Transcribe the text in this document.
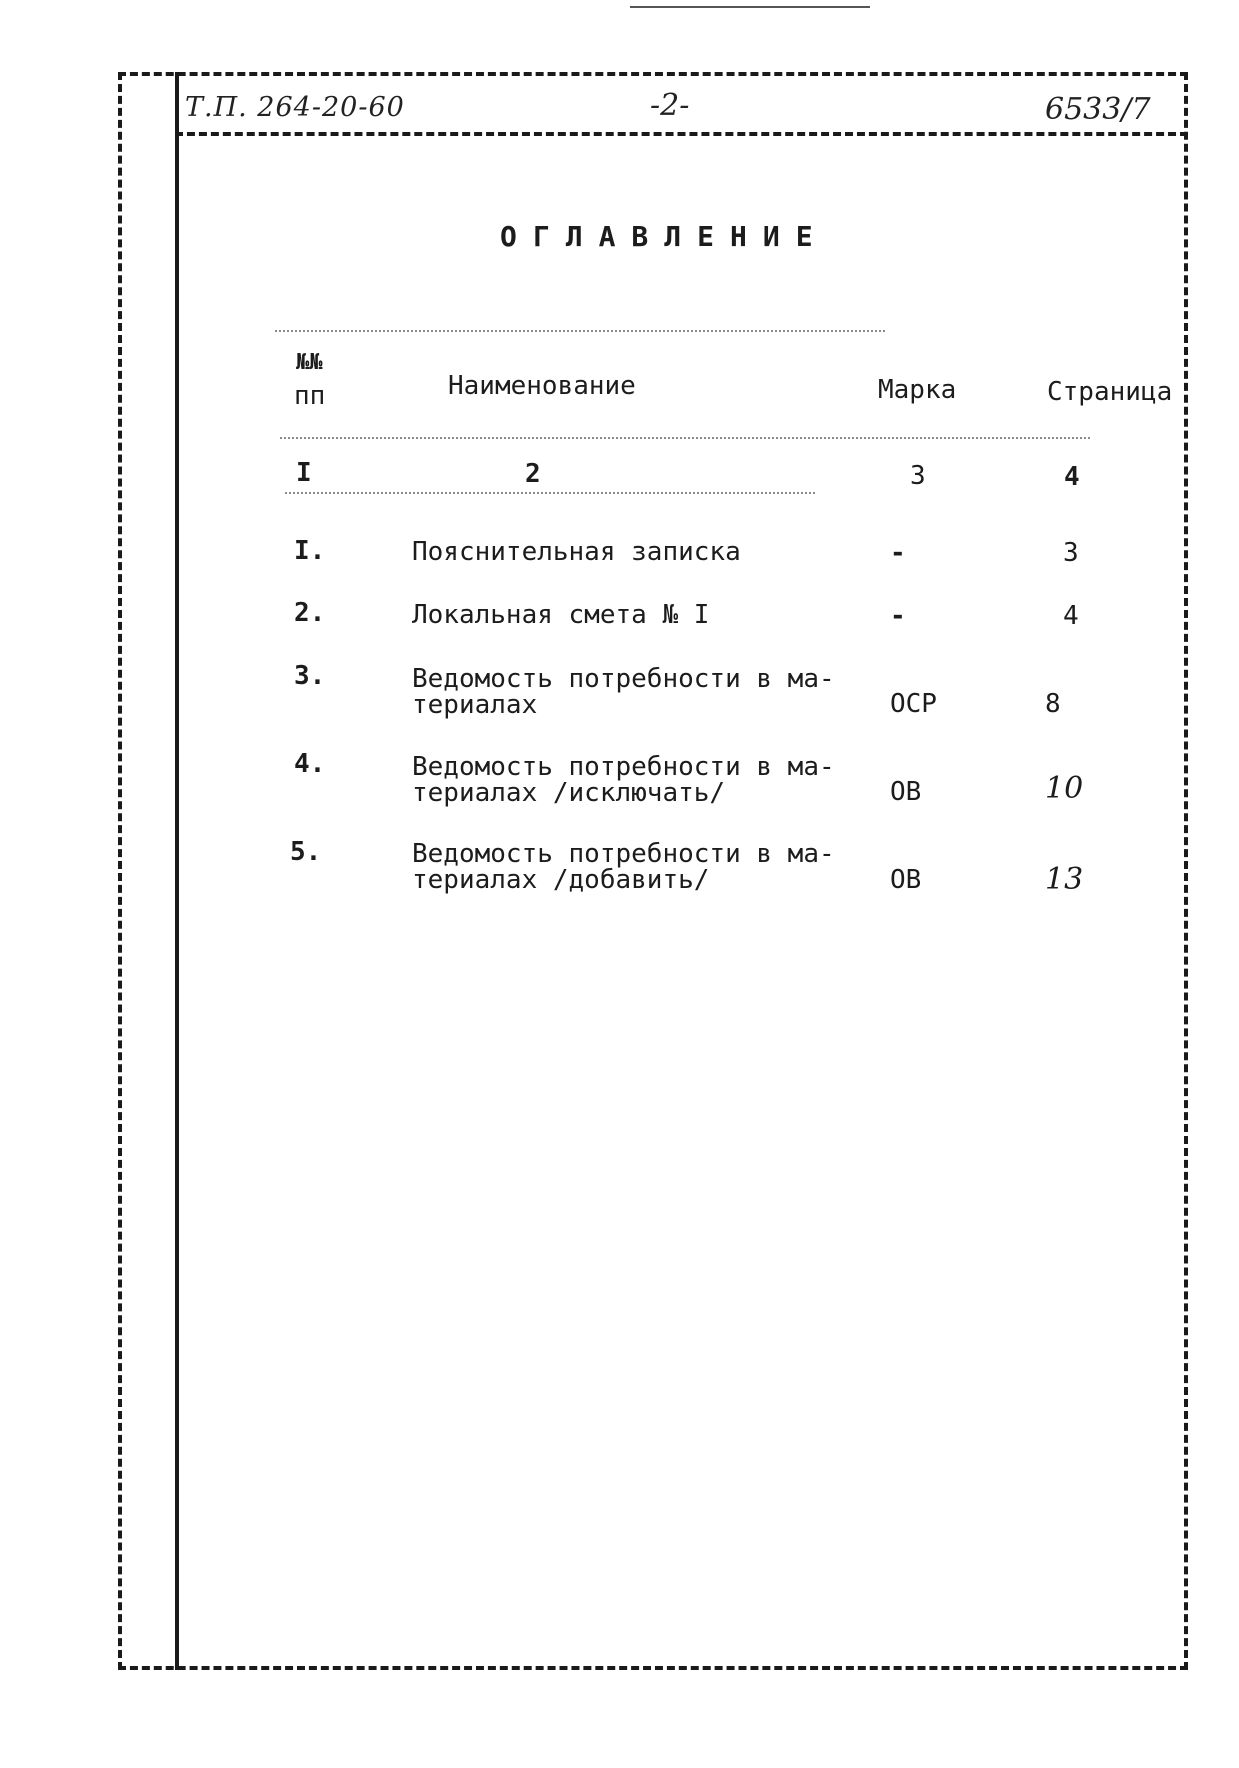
Т.П. 264-20-60	-2-	6533/7
ОГЛАВЛЕНИЕ
№№
пп	Наименование	Марка	Страница
I	2	3	4
I.	Пояснительная записка	-	3
2.	Локальная смета № I	-	4
3.	Ведомость потребности в ма-
териалах	ОСР	8
4.	Ведомость потребности в ма-
териалах /исключать/	ОВ	10
5.	Ведомость потребности в ма-
териалах /добавить/	ОВ	13
